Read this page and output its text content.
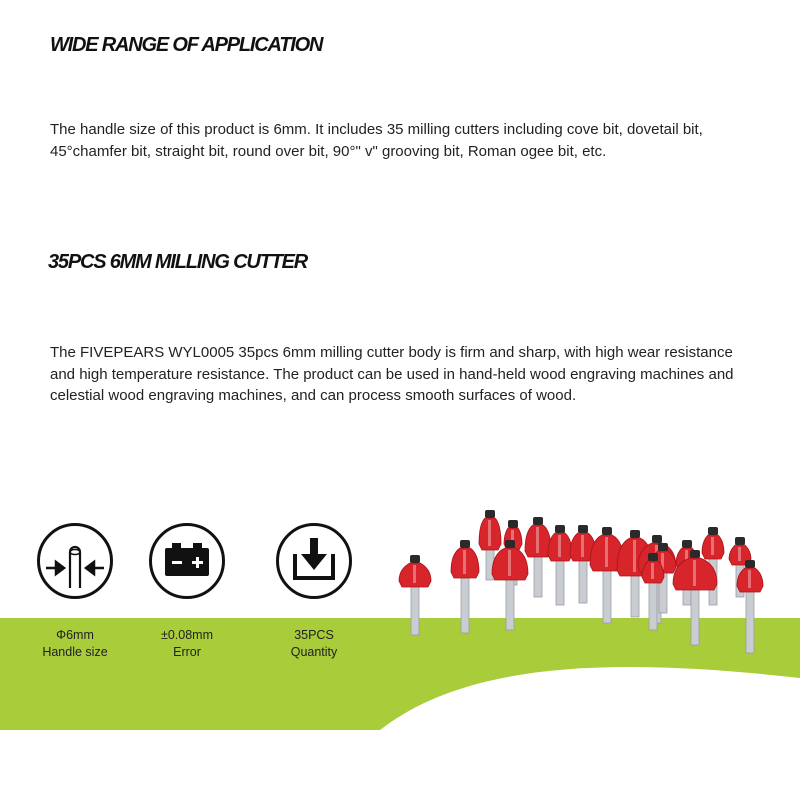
WIDE RANGE OF APPLICATION

The handle size of this product is 6mm. It includes 35 milling cutters including cove bit, dovetail bit, 45°chamfer bit, straight bit, round over bit, 90°" v" grooving bit, Roman ogee bit, etc.

35PCS 6MM MILLING CUTTER

The FIVEPEARS WYL0005 35pcs 6mm milling cutter body is firm and sharp, with high wear resistance and high temperature resistance. The product can be used in hand-held wood engraving machines and celestial wood engraving machines, and can process smooth surfaces of wood.

Φ6mm
Handle size
±0.08mm
Error
35PCS
Quantity
